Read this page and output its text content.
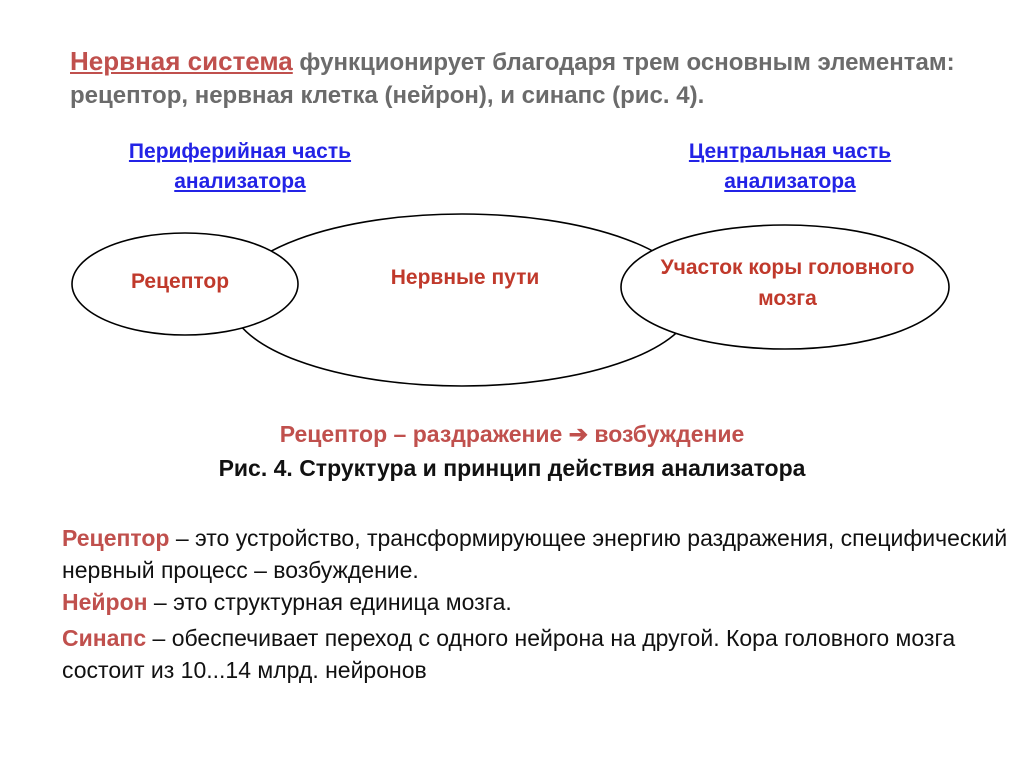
Нервная система функционирует благодаря трем основным элементам: рецептор, нервная клетка (нейрон), и синапс (рис. 4).
Периферийная часть анализатора
Центральная часть анализатора
Рецептор	Нервные пути	Участок коры головного мозга
Рецептор – раздражение ➔ возбуждение
Рис. 4. Структура и принцип действия анализатора

Рецептор – это устройство, трансформирующее энергию раздражения, специфический нервный процесс – возбуждение.

Нейрон – это структурная единица мозга.

Синапс – обеспечивает переход с одного нейрона на другой. Кора головного мозга состоит из 10...14 млрд. нейронов
